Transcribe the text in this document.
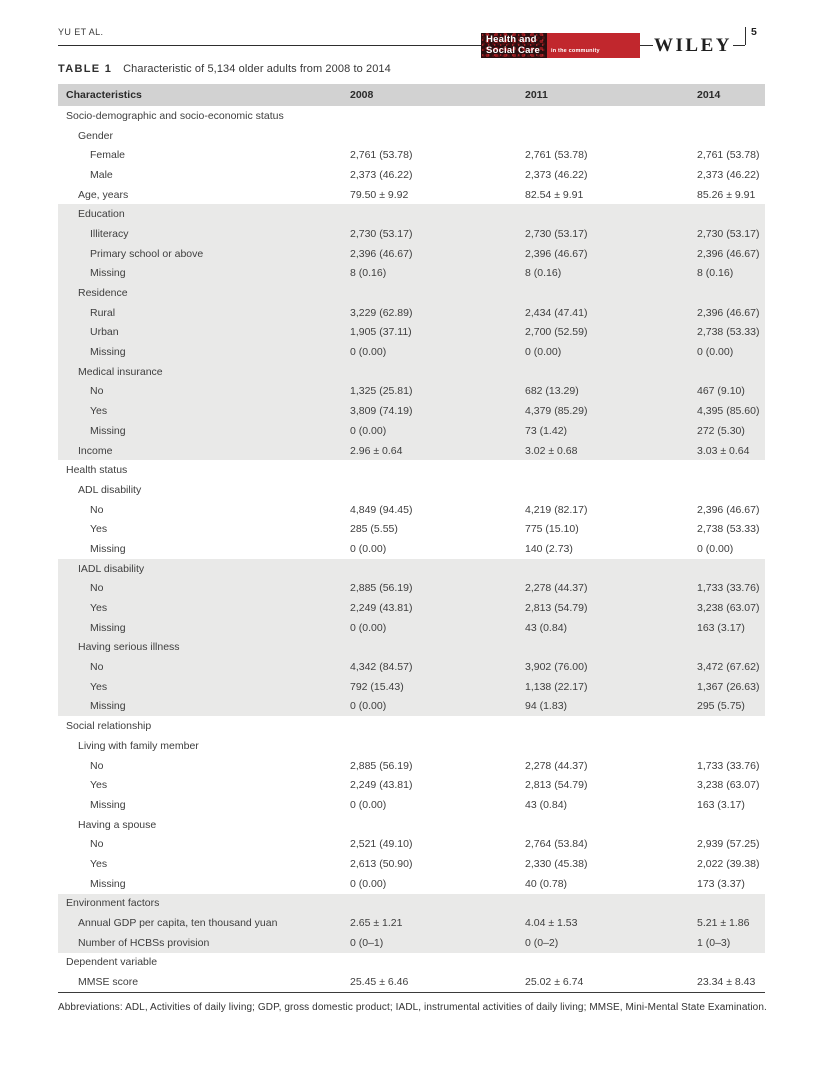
YU ET AL.
Health and
Social Care in the community	WILEY
5
TABLE 1 Characteristic of 5,134 older adults from 2008 to 2014
Characteristics	2008	2011	2014
Socio-demographic and socio-economic status
Gender
Female	2,761 (53.78)	2,761 (53.78)	2,761 (53.78)
Male	2,373 (46.22)	2,373 (46.22)	2,373 (46.22)
Age, years	79.50 ± 9.92	82.54 ± 9.91	85.26 ± 9.91
Education
Illiteracy	2,730 (53.17)	2,730 (53.17)	2,730 (53.17)
Primary school or above	2,396 (46.67)	2,396 (46.67)	2,396 (46.67)
Missing	8 (0.16)	8 (0.16)	8 (0.16)
Residence
Rural	3,229 (62.89)	2,434 (47.41)	2,396 (46.67)
Urban	1,905 (37.11)	2,700 (52.59)	2,738 (53.33)
Missing	0 (0.00)	0 (0.00)	0 (0.00)
Medical insurance
No	1,325 (25.81)	682 (13.29)	467 (9.10)
Yes	3,809 (74.19)	4,379 (85.29)	4,395 (85.60)
Missing	0 (0.00)	73 (1.42)	272 (5.30)
Income	2.96 ± 0.64	3.02 ± 0.68	3.03 ± 0.64
Health status
ADL disability
No	4,849 (94.45)	4,219 (82.17)	2,396 (46.67)
Yes	285 (5.55)	775 (15.10)	2,738 (53.33)
Missing	0 (0.00)	140 (2.73)	0 (0.00)
IADL disability
No	2,885 (56.19)	2,278 (44.37)	1,733 (33.76)
Yes	2,249 (43.81)	2,813 (54.79)	3,238 (63.07)
Missing	0 (0.00)	43 (0.84)	163 (3.17)
Having serious illness
No	4,342 (84.57)	3,902 (76.00)	3,472 (67.62)
Yes	792 (15.43)	1,138 (22.17)	1,367 (26.63)
Missing	0 (0.00)	94 (1.83)	295 (5.75)
Social relationship
Living with family member
No	2,885 (56.19)	2,278 (44.37)	1,733 (33.76)
Yes	2,249 (43.81)	2,813 (54.79)	3,238 (63.07)
Missing	0 (0.00)	43 (0.84)	163 (3.17)
Having a spouse
No	2,521 (49.10)	2,764 (53.84)	2,939 (57.25)
Yes	2,613 (50.90)	2,330 (45.38)	2,022 (39.38)
Missing	0 (0.00)	40 (0.78)	173 (3.37)
Environment factors
Annual GDP per capita, ten thousand yuan	2.65 ± 1.21	4.04 ± 1.53	5.21 ± 1.86
Number of HCBSs provision	0 (0–1)	0 (0–2)	1 (0–3)
Dependent variable
MMSE score	25.45 ± 6.46	25.02 ± 6.74	23.34 ± 8.43

Abbreviations: ADL, Activities of daily living; GDP, gross domestic product; IADL, instrumental activities of daily living; MMSE, Mini-Mental State Examination.
